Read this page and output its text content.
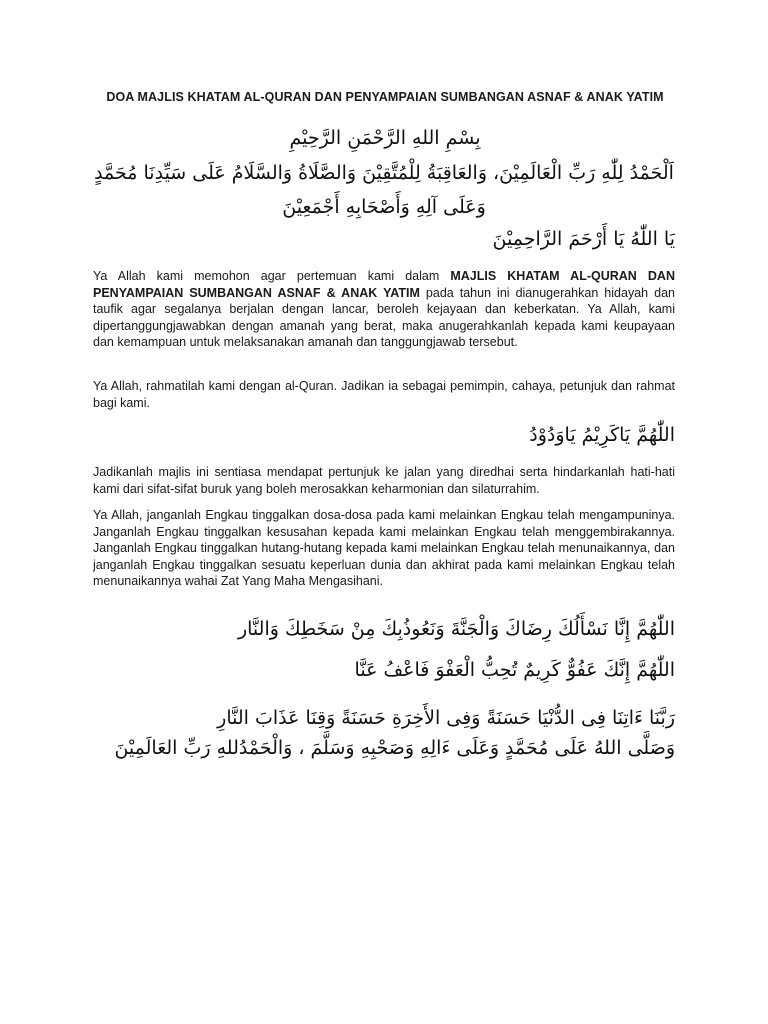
DOA MAJLIS KHATAM AL-QURAN DAN PENYAMPAIAN SUMBANGAN ASNAF & ANAK YATIM
بِسْمِ اللهِ الرَّحْمَنِ الرَّحِيْمِ
اَلْحَمْدُ لِلّٰهِ رَبِّ الْعَالَمِيْنَ، وَالعَاقِبَةُ لِلْمُتَّقِيْنَ وَالصَّلَاةُ وَالسَّلَامُ عَلَى سَيِّدِنَا مُحَمَّدٍ وَعَلَى آلِهِ وَأَصْحَابِهِ أَجْمَعِيْنَ
يَا اللّٰهُ يَا أَرْحَمَ الرَّاحِمِيْنَ
Ya Allah kami memohon agar pertemuan kami dalam MAJLIS KHATAM AL-QURAN DAN PENYAMPAIAN SUMBANGAN ASNAF & ANAK YATIM pada tahun ini dianugerahkan hidayah dan taufik agar segalanya berjalan dengan lancar, beroleh kejayaan dan keberkatan. Ya Allah, kami dipertanggungjawabkan dengan amanah yang berat, maka anugerahkanlah kepada kami keupayaan dan kemampuan untuk melaksanakan amanah dan tanggungjawab tersebut.
Ya Allah, rahmatilah kami dengan al-Quran. Jadikan ia sebagai pemimpin, cahaya, petunjuk dan rahmat bagi kami.
اللّٰهُمَّ يَاكَرِيْمُ يَاوَدُوْدُ
Jadikanlah majlis ini sentiasa mendapat pertunjuk ke jalan yang diredhai serta hindarkanlah hati-hati kami dari sifat-sifat buruk yang boleh merosakkan keharmonian dan silaturrahim.
Ya Allah, janganlah Engkau tinggalkan dosa-dosa pada kami melainkan Engkau telah mengampuninya. Janganlah Engkau tinggalkan kesusahan kepada kami melainkan Engkau telah menggembirakannya. Janganlah Engkau tinggalkan hutang-hutang kepada kami melainkan Engkau telah menunaikannya, dan janganlah Engkau tinggalkan sesuatu keperluan dunia dan akhirat pada kami melainkan Engkau telah menunaikannya wahai Zat Yang Maha Mengasihani.
اللّٰهُمَّ إِنَّا نَسْأَلُكَ رِضَاكَ وَالْجَنَّةَ وَنَعُوذُبِكَ مِنْ سَخَطِكَ وَالنَّار
اللّٰهُمَّ إِنَّكَ عَفُوٌّ كَرِيمٌ تُحِبُّ الْعَفْوَ فَاعْفُ عَنَّا
رَبَّنَا ءَاتِنَا فِى الدُّنْيَا حَسَنَةً وَفِى الأَخِرَةِ حَسَنَةً وَقِنَا عَذَابَ النَّارِ
وَصَلَّى اللهُ عَلَى مُحَمَّدٍ وَعَلَى ءَالِهِ وَصَحْبِهِ وَسَلَّمَ ، وَالْحَمْدُللهِ رَبِّ العَالَمِيْنَ
